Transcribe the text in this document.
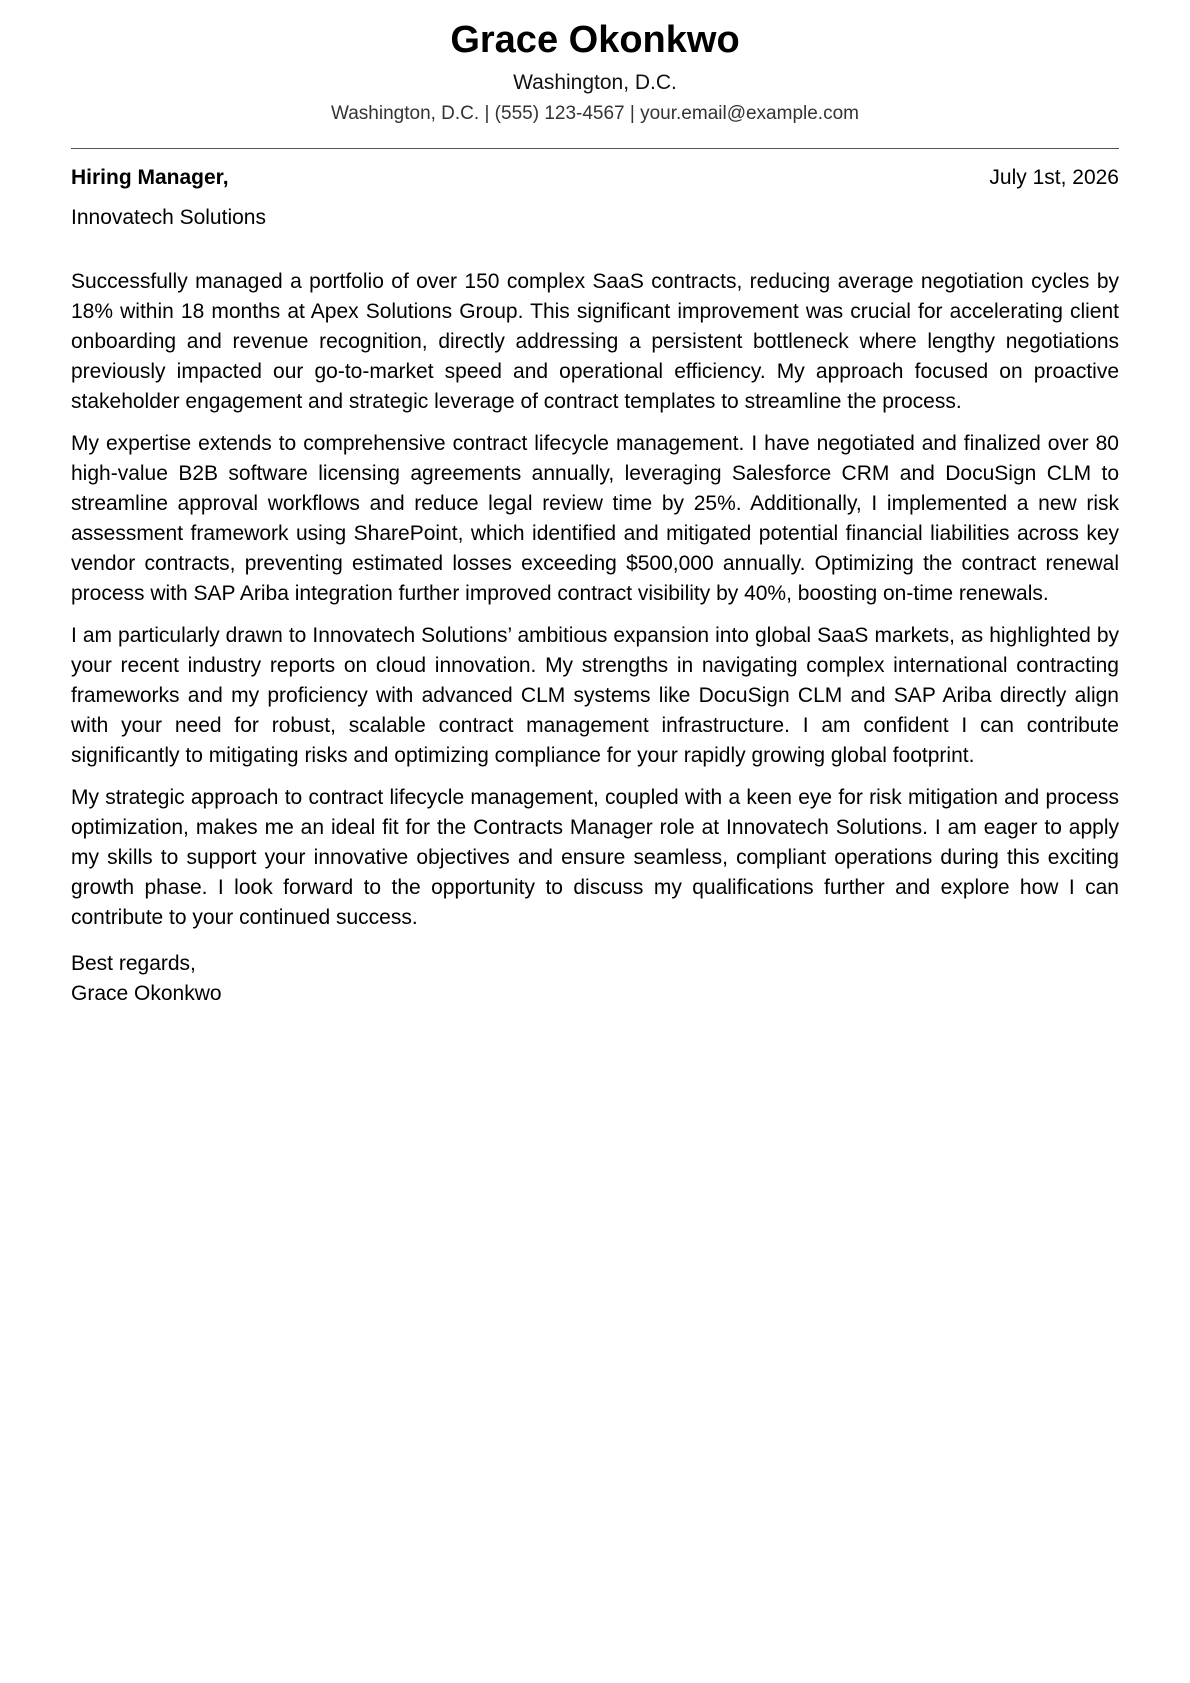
Grace Okonkwo
Washington, D.C.
Washington, D.C. | (555) 123-4567 | your.email@example.com
Hiring Manager,	July 1st, 2026
Innovatech Solutions

Successfully managed a portfolio of over 150 complex SaaS contracts, reducing average negotiation cycles by 18% within 18 months at Apex Solutions Group. This significant improvement was crucial for accelerating client onboarding and revenue recognition, directly addressing a persistent bottleneck where lengthy negotiations previously impacted our go-to-market speed and operational efficiency. My approach focused on proactive stakeholder engagement and strategic leverage of contract templates to streamline the process.

My expertise extends to comprehensive contract lifecycle management. I have negotiated and finalized over 80 high-value B2B software licensing agreements annually, leveraging Salesforce CRM and DocuSign CLM to streamline approval workflows and reduce legal review time by 25%. Additionally, I implemented a new risk assessment framework using SharePoint, which identified and mitigated potential financial liabilities across key vendor contracts, preventing estimated losses exceeding $500,000 annually. Optimizing the contract renewal process with SAP Ariba integration further improved contract visibility by 40%, boosting on-time renewals.

I am particularly drawn to Innovatech Solutions’ ambitious expansion into global SaaS markets, as highlighted by your recent industry reports on cloud innovation. My strengths in navigating complex international contracting frameworks and my proficiency with advanced CLM systems like DocuSign CLM and SAP Ariba directly align with your need for robust, scalable contract management infrastructure. I am confident I can contribute significantly to mitigating risks and optimizing compliance for your rapidly growing global footprint.

My strategic approach to contract lifecycle management, coupled with a keen eye for risk mitigation and process optimization, makes me an ideal fit for the Contracts Manager role at Innovatech Solutions. I am eager to apply my skills to support your innovative objectives and ensure seamless, compliant operations during this exciting growth phase. I look forward to the opportunity to discuss my qualifications further and explore how I can contribute to your continued success.

Best regards,
Grace Okonkwo
